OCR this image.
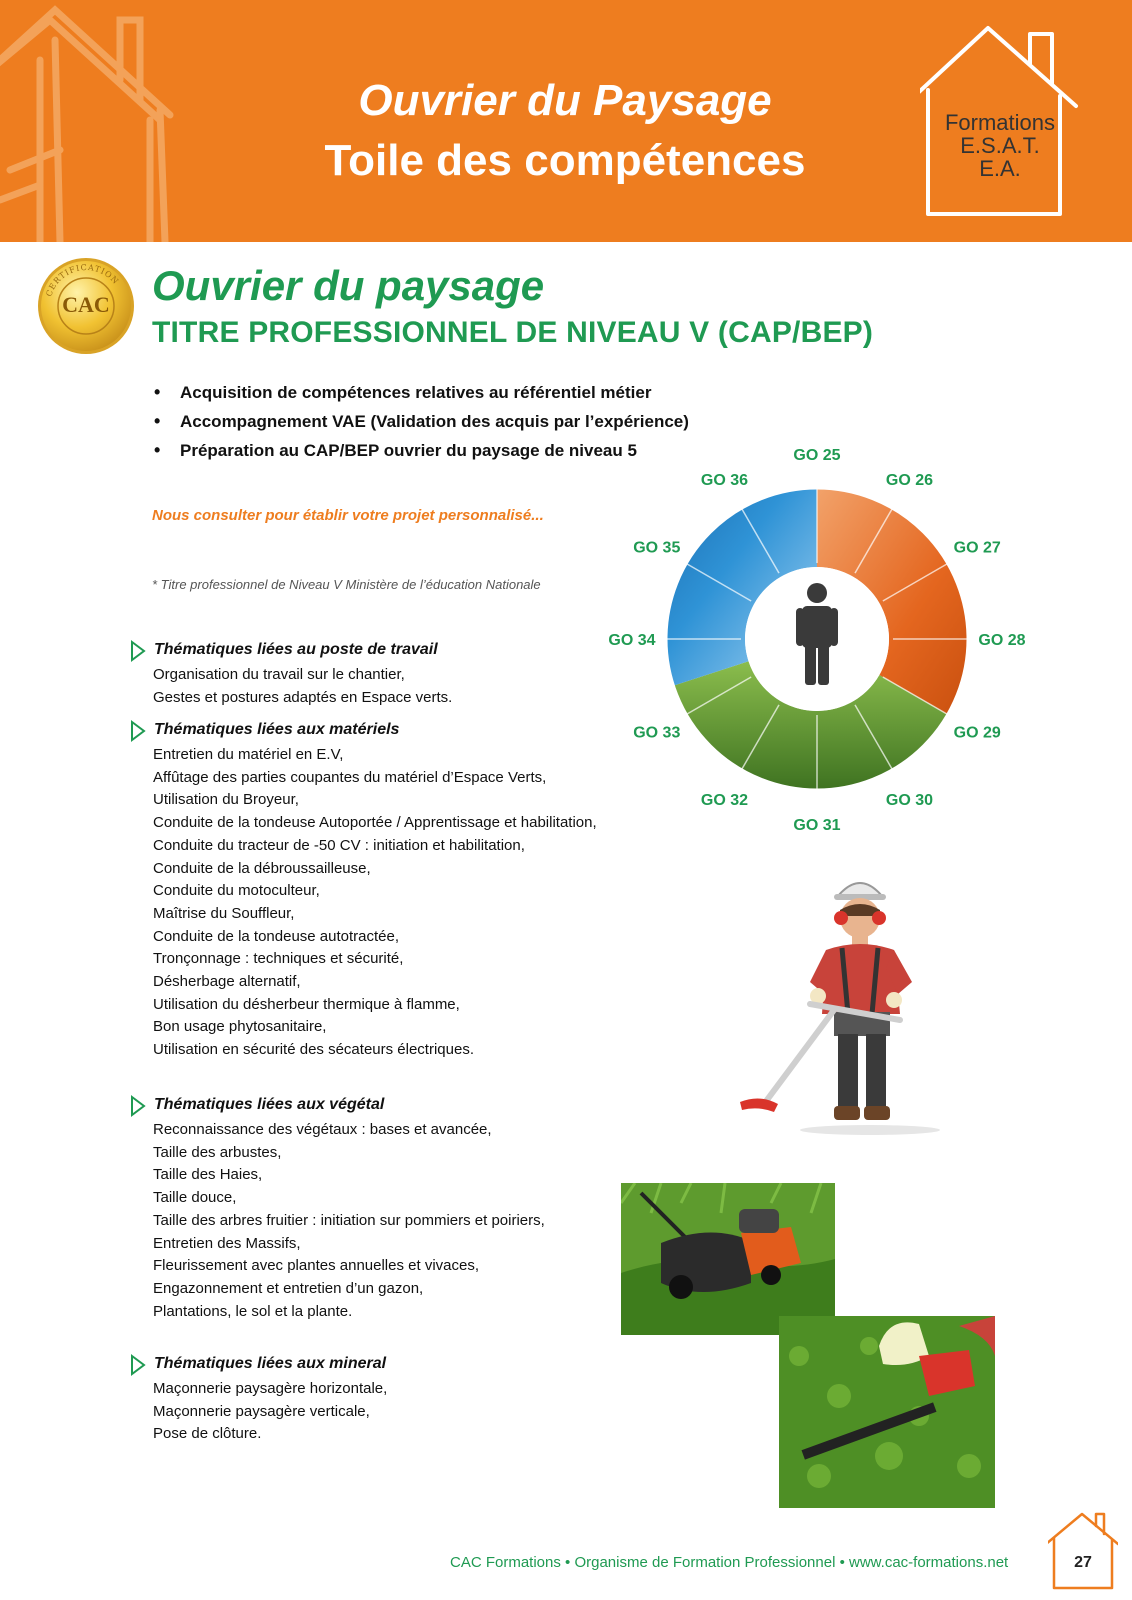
Ouvrier du Paysage
Toile des compétences
Formations
E.S.A.T.
E.A.
CERTIFICATION
CAC	Ouvrier du paysage
TITRE PROFESSIONNEL DE NIVEAU V (CAP/BEP)
• Acquisition de compétences relatives au référentiel métier
• Accompagnement VAE (Validation des acquis par l’expérience)
• Préparation au CAP/BEP ouvrier du paysage de niveau 5
Nous consulter pour établir votre projet personnalisé...
* Titre professionnel de Niveau V Ministère de l’éducation Nationale
Thématiques liées au poste de travail
Organisation du travail sur le chantier,
Gestes et postures adaptés en Espace verts.
Thématiques liées aux matériels
Entretien du matériel en E.V,
Affûtage des parties coupantes du matériel d’Espace Verts,
Utilisation du Broyeur,
Conduite de la tondeuse Autoportée / Apprentissage et habilitation,
Conduite du tracteur de -50 CV : initiation et habilitation,
Conduite de la débroussailleuse,
Conduite du motoculteur,
Maîtrise du Souffleur,
Conduite de la tondeuse autotractée,
Tronçonnage : techniques et sécurité,
Désherbage alternatif,
Utilisation du désherbeur thermique à flamme,
Bon usage phytosanitaire,
Utilisation en sécurité des sécateurs électriques.
Thématiques liées aux végétal
Reconnaissance des végétaux : bases et avancée,
Taille des arbustes,
Taille des Haies,
Taille douce,
Taille des arbres fruitier : initiation sur pommiers et poiriers,
Entretien des Massifs,
Fleurissement avec plantes annuelles et vivaces,
Engazonnement et entretien d’un gazon,
Plantations, le sol et la plante.
Thématiques liées aux mineral
Maçonnerie paysagère horizontale,
Maçonnerie paysagère verticale,
Pose de clôture.
GO 25
GO 26
GO 27
GO 28
GO 29
GO 30
GO 31
GO 32
GO 33
GO 34
GO 35
GO 36
CAC Formations • Organisme de Formation Professionnel • www.cac-formations.net	27
